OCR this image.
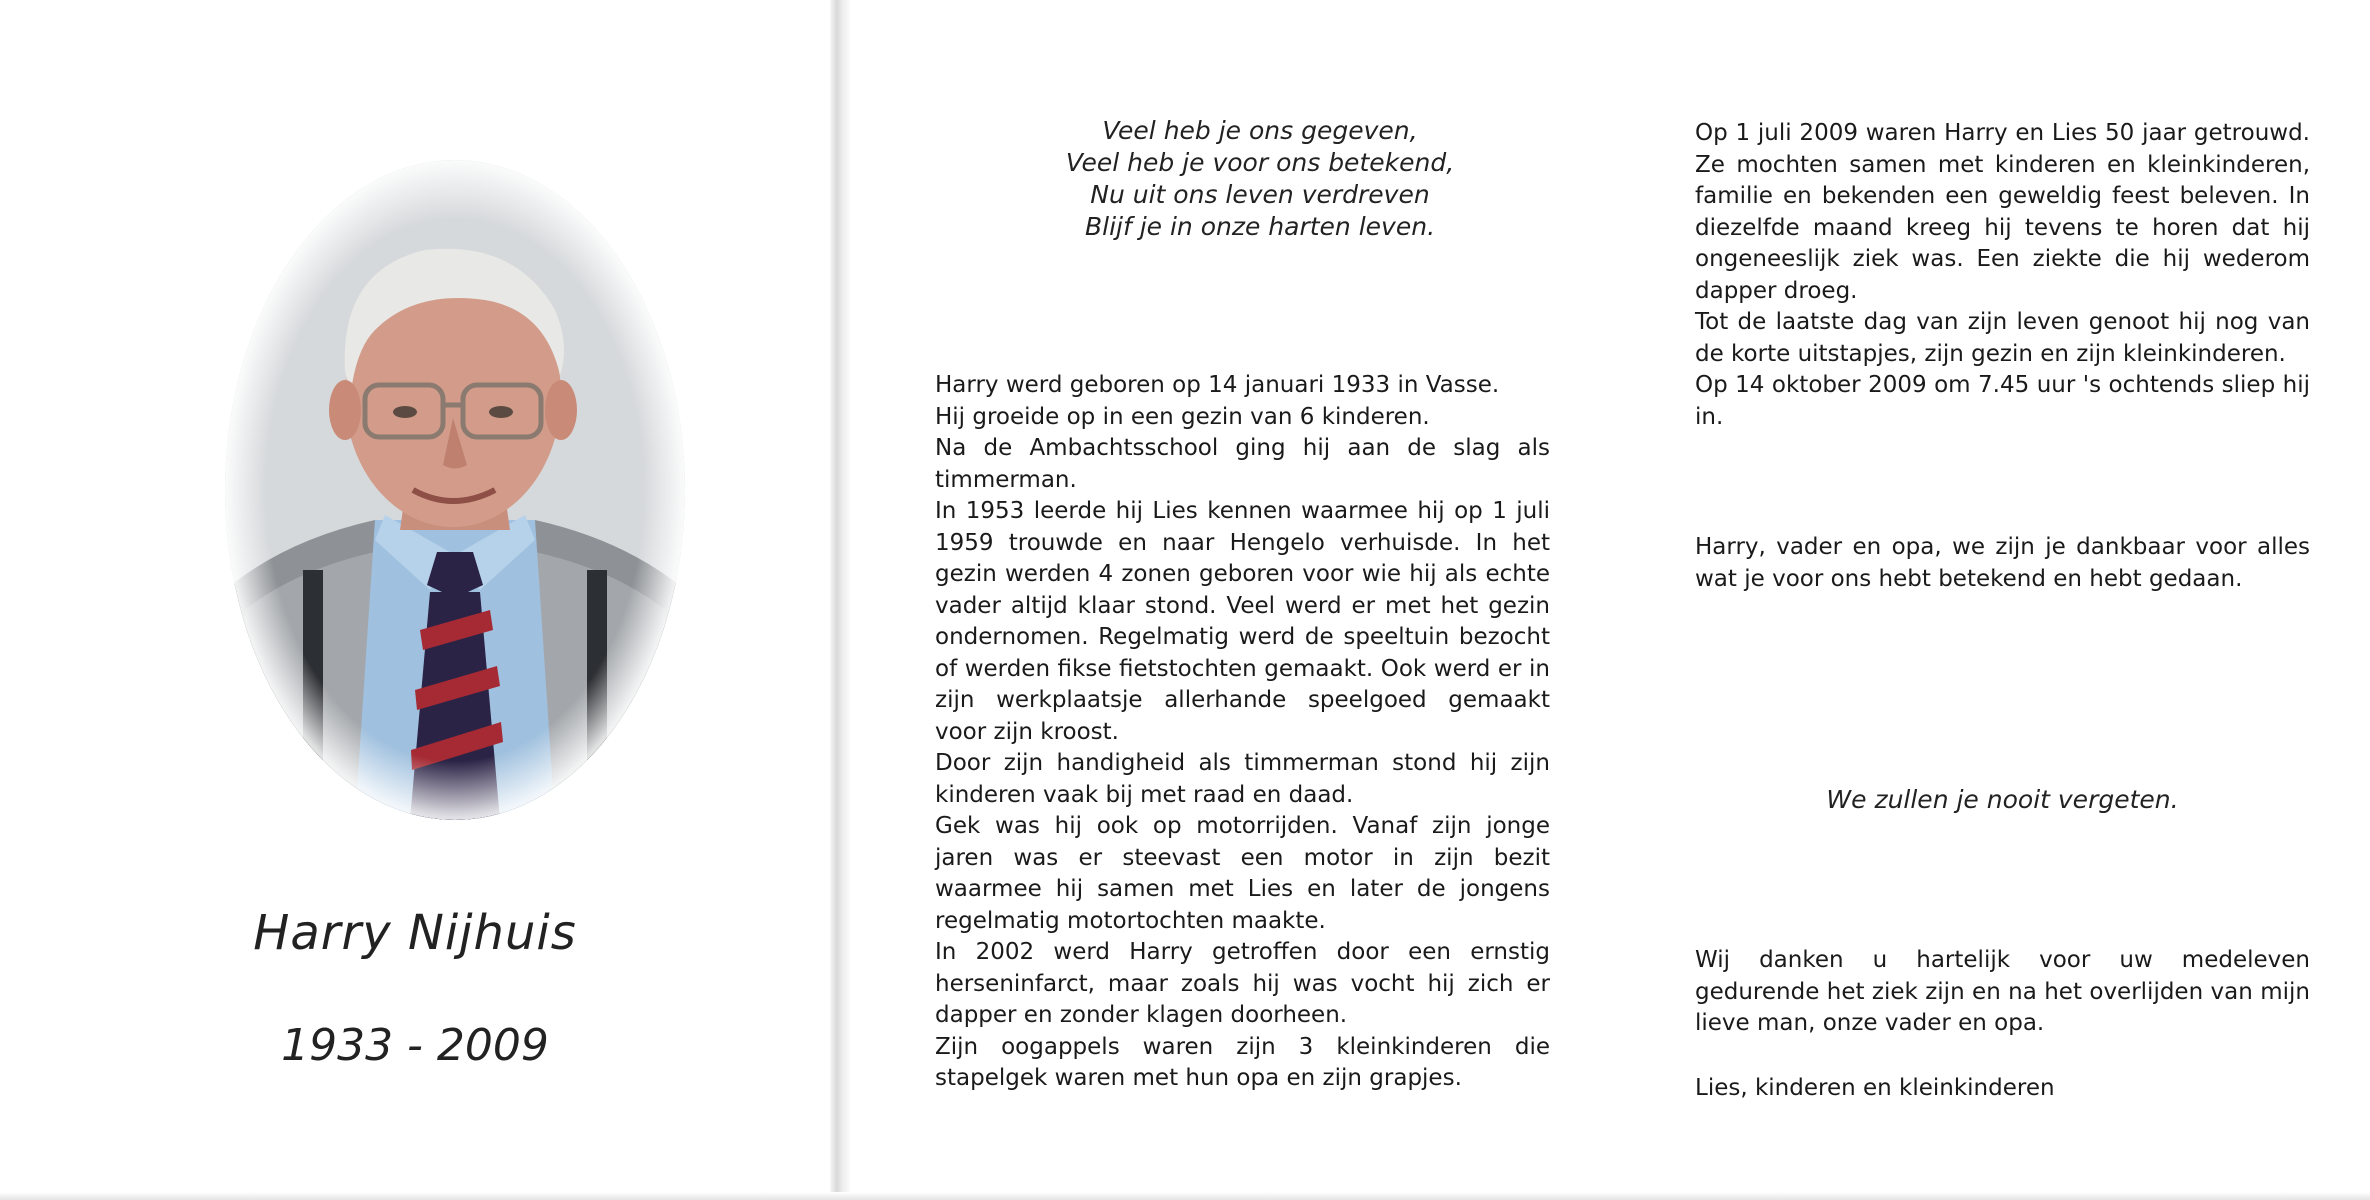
Harry Nijhuis
1933 - 2009
Veel heb je ons gegeven,
Veel heb je voor ons betekend,
Nu uit ons leven verdreven
Blijf je in onze harten leven.

Harry werd geboren op 14 januari 1933 in Vasse.

Hij groeide op in een gezin van 6 kinderen.

Na de Ambachtsschool ging hij aan de slag als timmerman.

In 1953 leerde hij Lies kennen waarmee hij op 1 juli 1959 trouwde en naar Hengelo verhuisde. In het gezin werden 4 zonen geboren voor wie hij als echte vader altijd klaar stond. Veel werd er met het gezin ondernomen. Regelmatig werd de speeltuin bezocht of werden fikse fietstochten gemaakt. Ook werd er in zijn werkplaatsje allerhande speelgoed gemaakt voor zijn kroost.

Door zijn handigheid als timmerman stond hij zijn kinderen vaak bij met raad en daad.

Gek was hij ook op motorrijden. Vanaf zijn jonge jaren was er steevast een motor in zijn bezit waarmee hij samen met Lies en later de jongens regelmatig motortochten maakte.

In 2002 werd Harry getroffen door een ernstig herseninfarct, maar zoals hij was vocht hij zich er dapper en zonder klagen doorheen.

Zijn oogappels waren zijn 3 kleinkinderen die stapelgek waren met hun opa en zijn grapjes.

Op 1 juli 2009 waren Harry en Lies 50 jaar getrouwd. Ze mochten samen met kinderen en kleinkinderen, familie en bekenden een geweldig feest beleven. In diezelfde maand kreeg hij tevens te horen dat hij ongeneeslijk ziek was. Een ziekte die hij wederom dapper droeg.

Tot de laatste dag van zijn leven genoot hij nog van de korte uitstapjes, zijn gezin en zijn kleinkinderen.

Op 14 oktober 2009 om 7.45 uur 's ochtends sliep hij in.

Harry, vader en opa, we zijn je dankbaar voor alles wat je voor ons hebt betekend en hebt gedaan.

We zullen je nooit vergeten.

Wij danken u hartelijk voor uw medeleven gedurende het ziek zijn en na het overlijden van mijn lieve man, onze vader en opa.

Lies, kinderen en kleinkinderen
